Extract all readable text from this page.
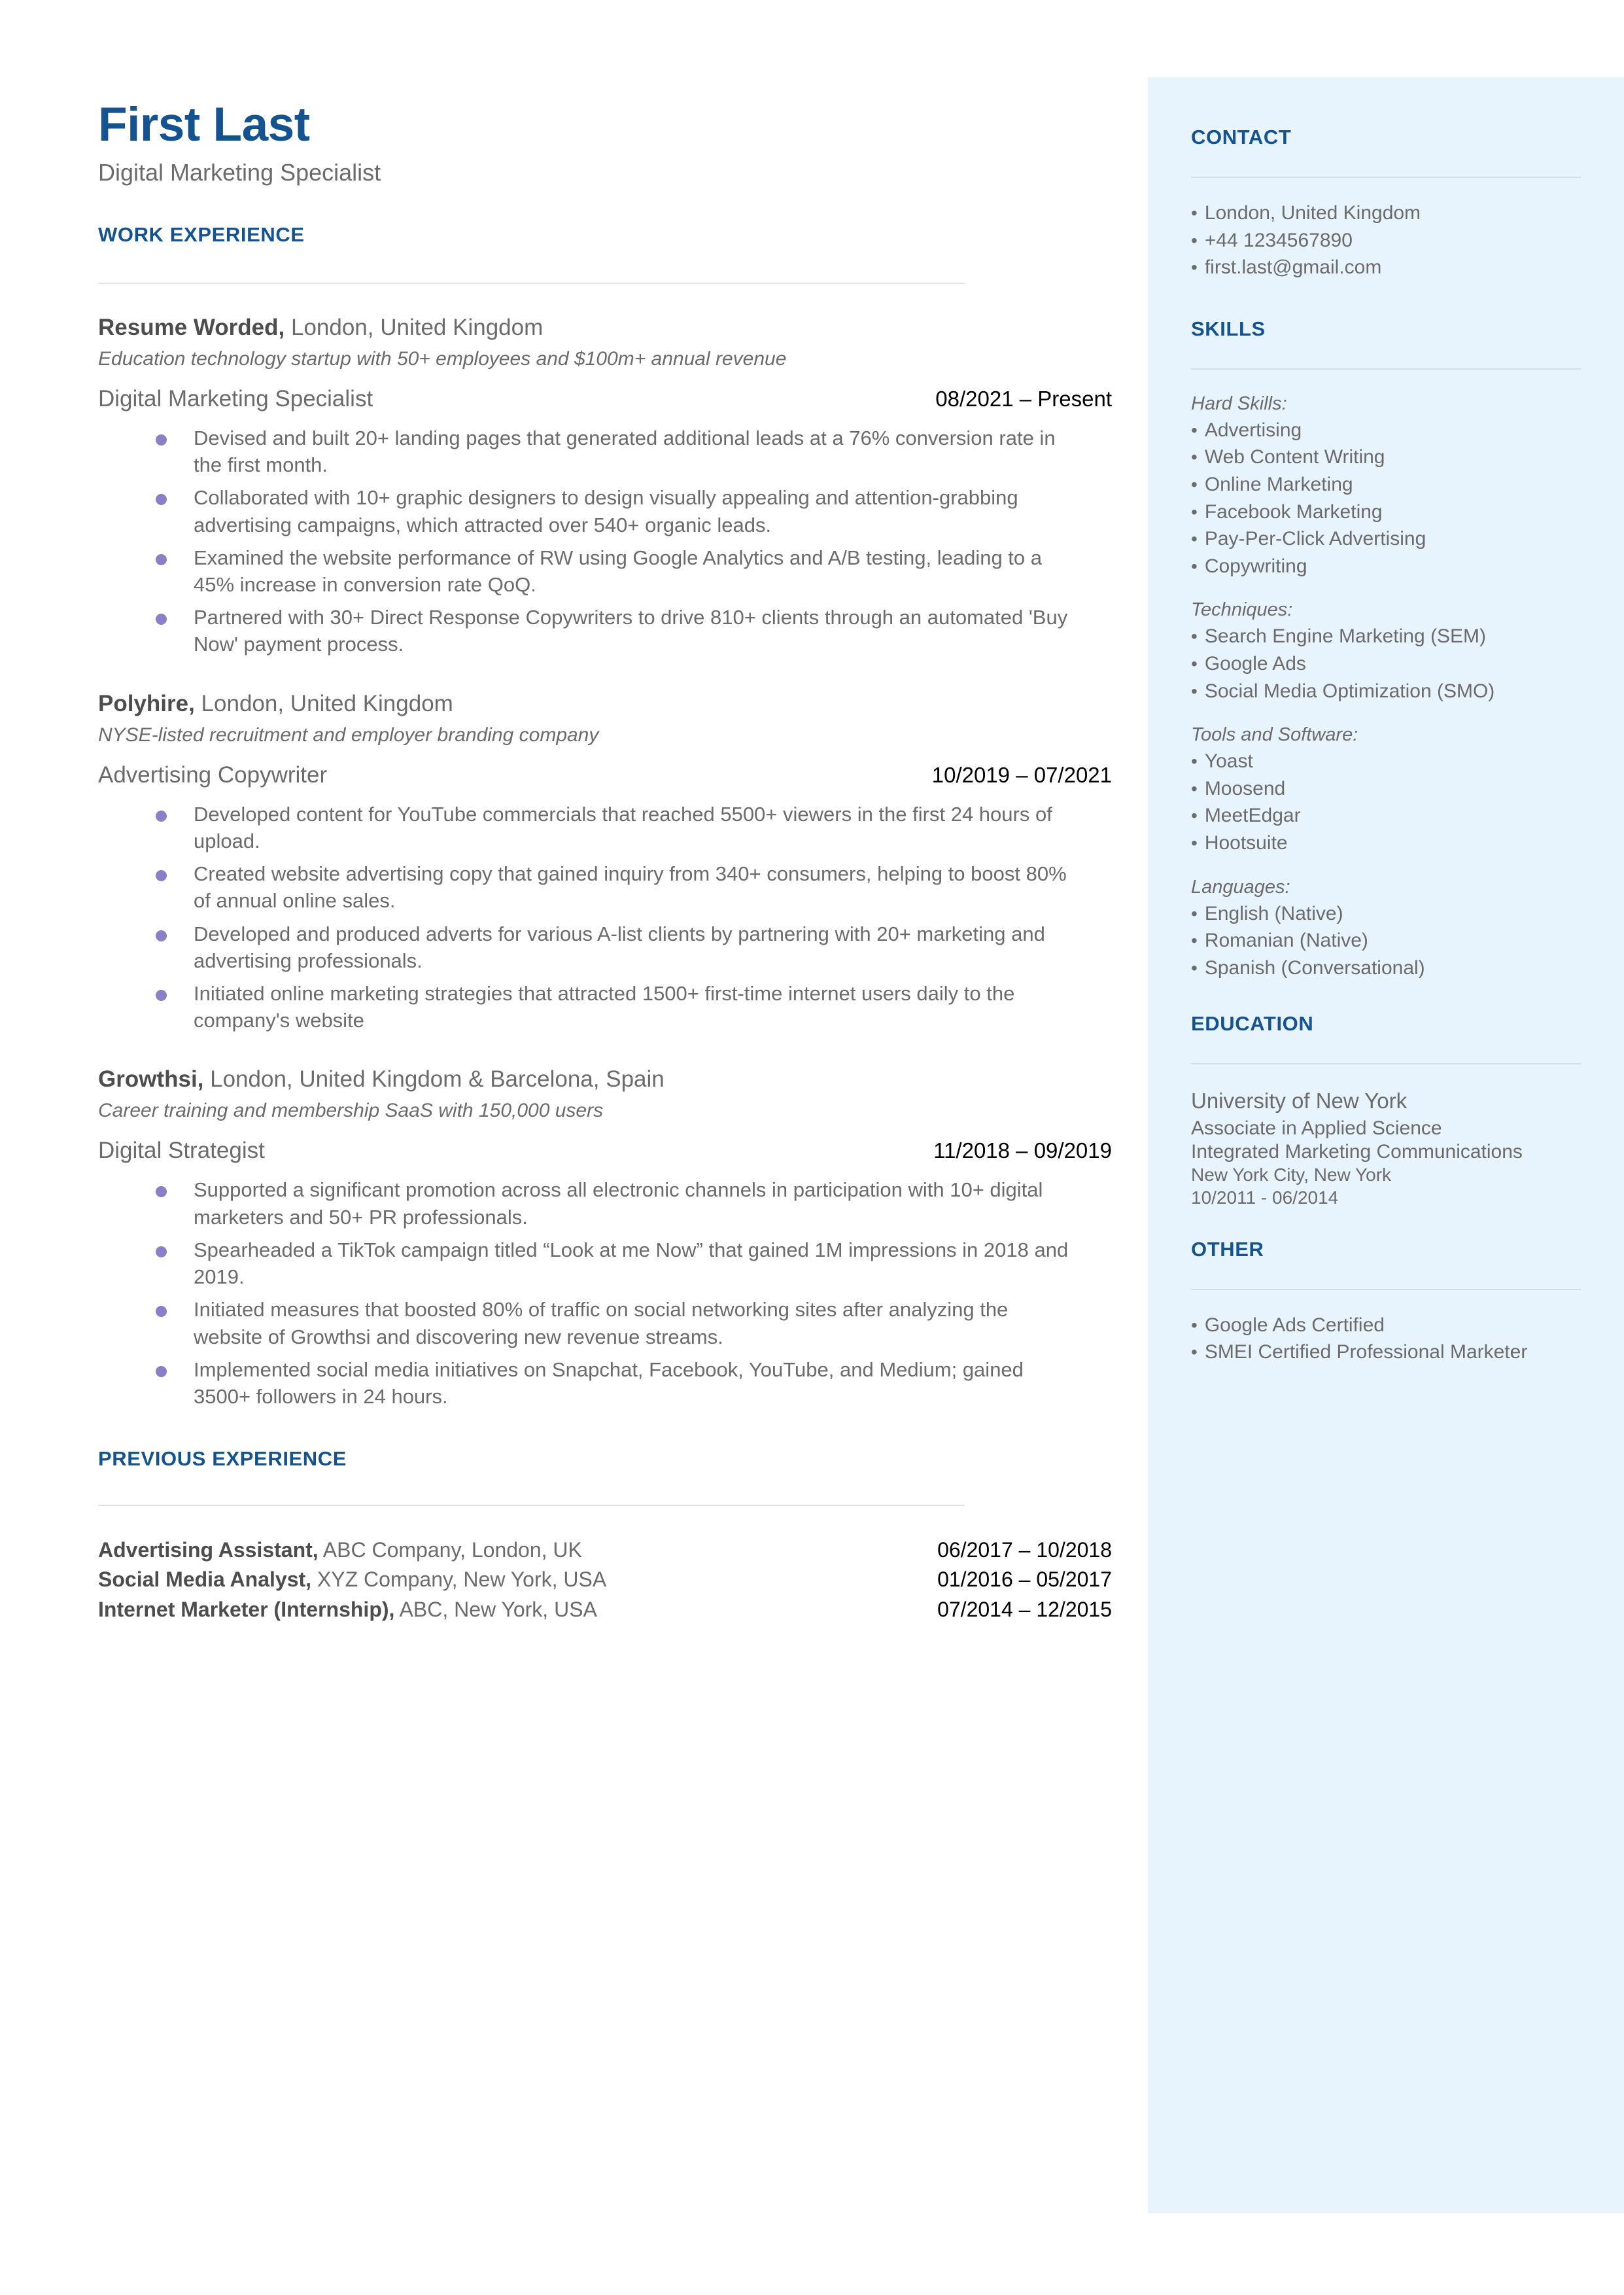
CONTACT
• London, United Kingdom
• +44 1234567890
• first.last@gmail.com
SKILLS
Hard Skills:
• Advertising
• Web Content Writing
• Online Marketing
• Facebook Marketing
• Pay-Per-Click Advertising
• Copywriting
Techniques:
• Search Engine Marketing (SEM)
• Google Ads
• Social Media Optimization (SMO)
Tools and Software:
• Yoast
• Moosend
• MeetEdgar
• Hootsuite
Languages:
• English (Native)
• Romanian (Native)
• Spanish (Conversational)
EDUCATION
University of New York
Associate in Applied Science
Integrated Marketing Communications
New York City, New York
10/2011 - 06/2014
OTHER
• Google Ads Certified
• SMEI Certified Professional Marketer
First Last
Digital Marketing Specialist
WORK EXPERIENCE
Resume Worded, London, United Kingdom
Education technology startup with 50+ employees and $100m+ annual revenue
Digital Marketing Specialist	08/2021 – Present
Devised and built 20+ landing pages that generated additional leads at a 76% conversion rate in the first month.
Collaborated with 10+ graphic designers to design visually appealing and attention-grabbing advertising campaigns, which attracted over 540+ organic leads.
Examined the website performance of RW using Google Analytics and A/B testing, leading to a 45% increase in conversion rate QoQ.
Partnered with 30+ Direct Response Copywriters to drive 810+ clients through an automated 'Buy Now' payment process.
Polyhire, London, United Kingdom
NYSE-listed recruitment and employer branding company
Advertising Copywriter	10/2019 – 07/2021
Developed content for YouTube commercials that reached 5500+ viewers in the first 24 hours of upload.
Created website advertising copy that gained inquiry from 340+ consumers, helping to boost 80% of annual online sales.
Developed and produced adverts for various A-list clients by partnering with 20+ marketing and advertising professionals.
Initiated online marketing strategies that attracted 1500+ first-time internet users daily to the company's website
Growthsi, London, United Kingdom & Barcelona, Spain
Career training and membership SaaS with 150,000 users
Digital Strategist	11/2018 – 09/2019
Supported a significant promotion across all electronic channels in participation with 10+ digital marketers and 50+ PR professionals.
Spearheaded a TikTok campaign titled “Look at me Now” that gained 1M impressions in 2018 and 2019.
Initiated measures that boosted 80% of traffic on social networking sites after analyzing the website of Growthsi and discovering new revenue streams.
Implemented social media initiatives on Snapchat, Facebook, YouTube, and Medium; gained 3500+ followers in 24 hours.
PREVIOUS EXPERIENCE
Advertising Assistant, ABC Company, London, UK	06/2017 – 10/2018
Social Media Analyst, XYZ Company, New York, USA	01/2016 – 05/2017
Internet Marketer (Internship), ABC, New York, USA	07/2014 – 12/2015
